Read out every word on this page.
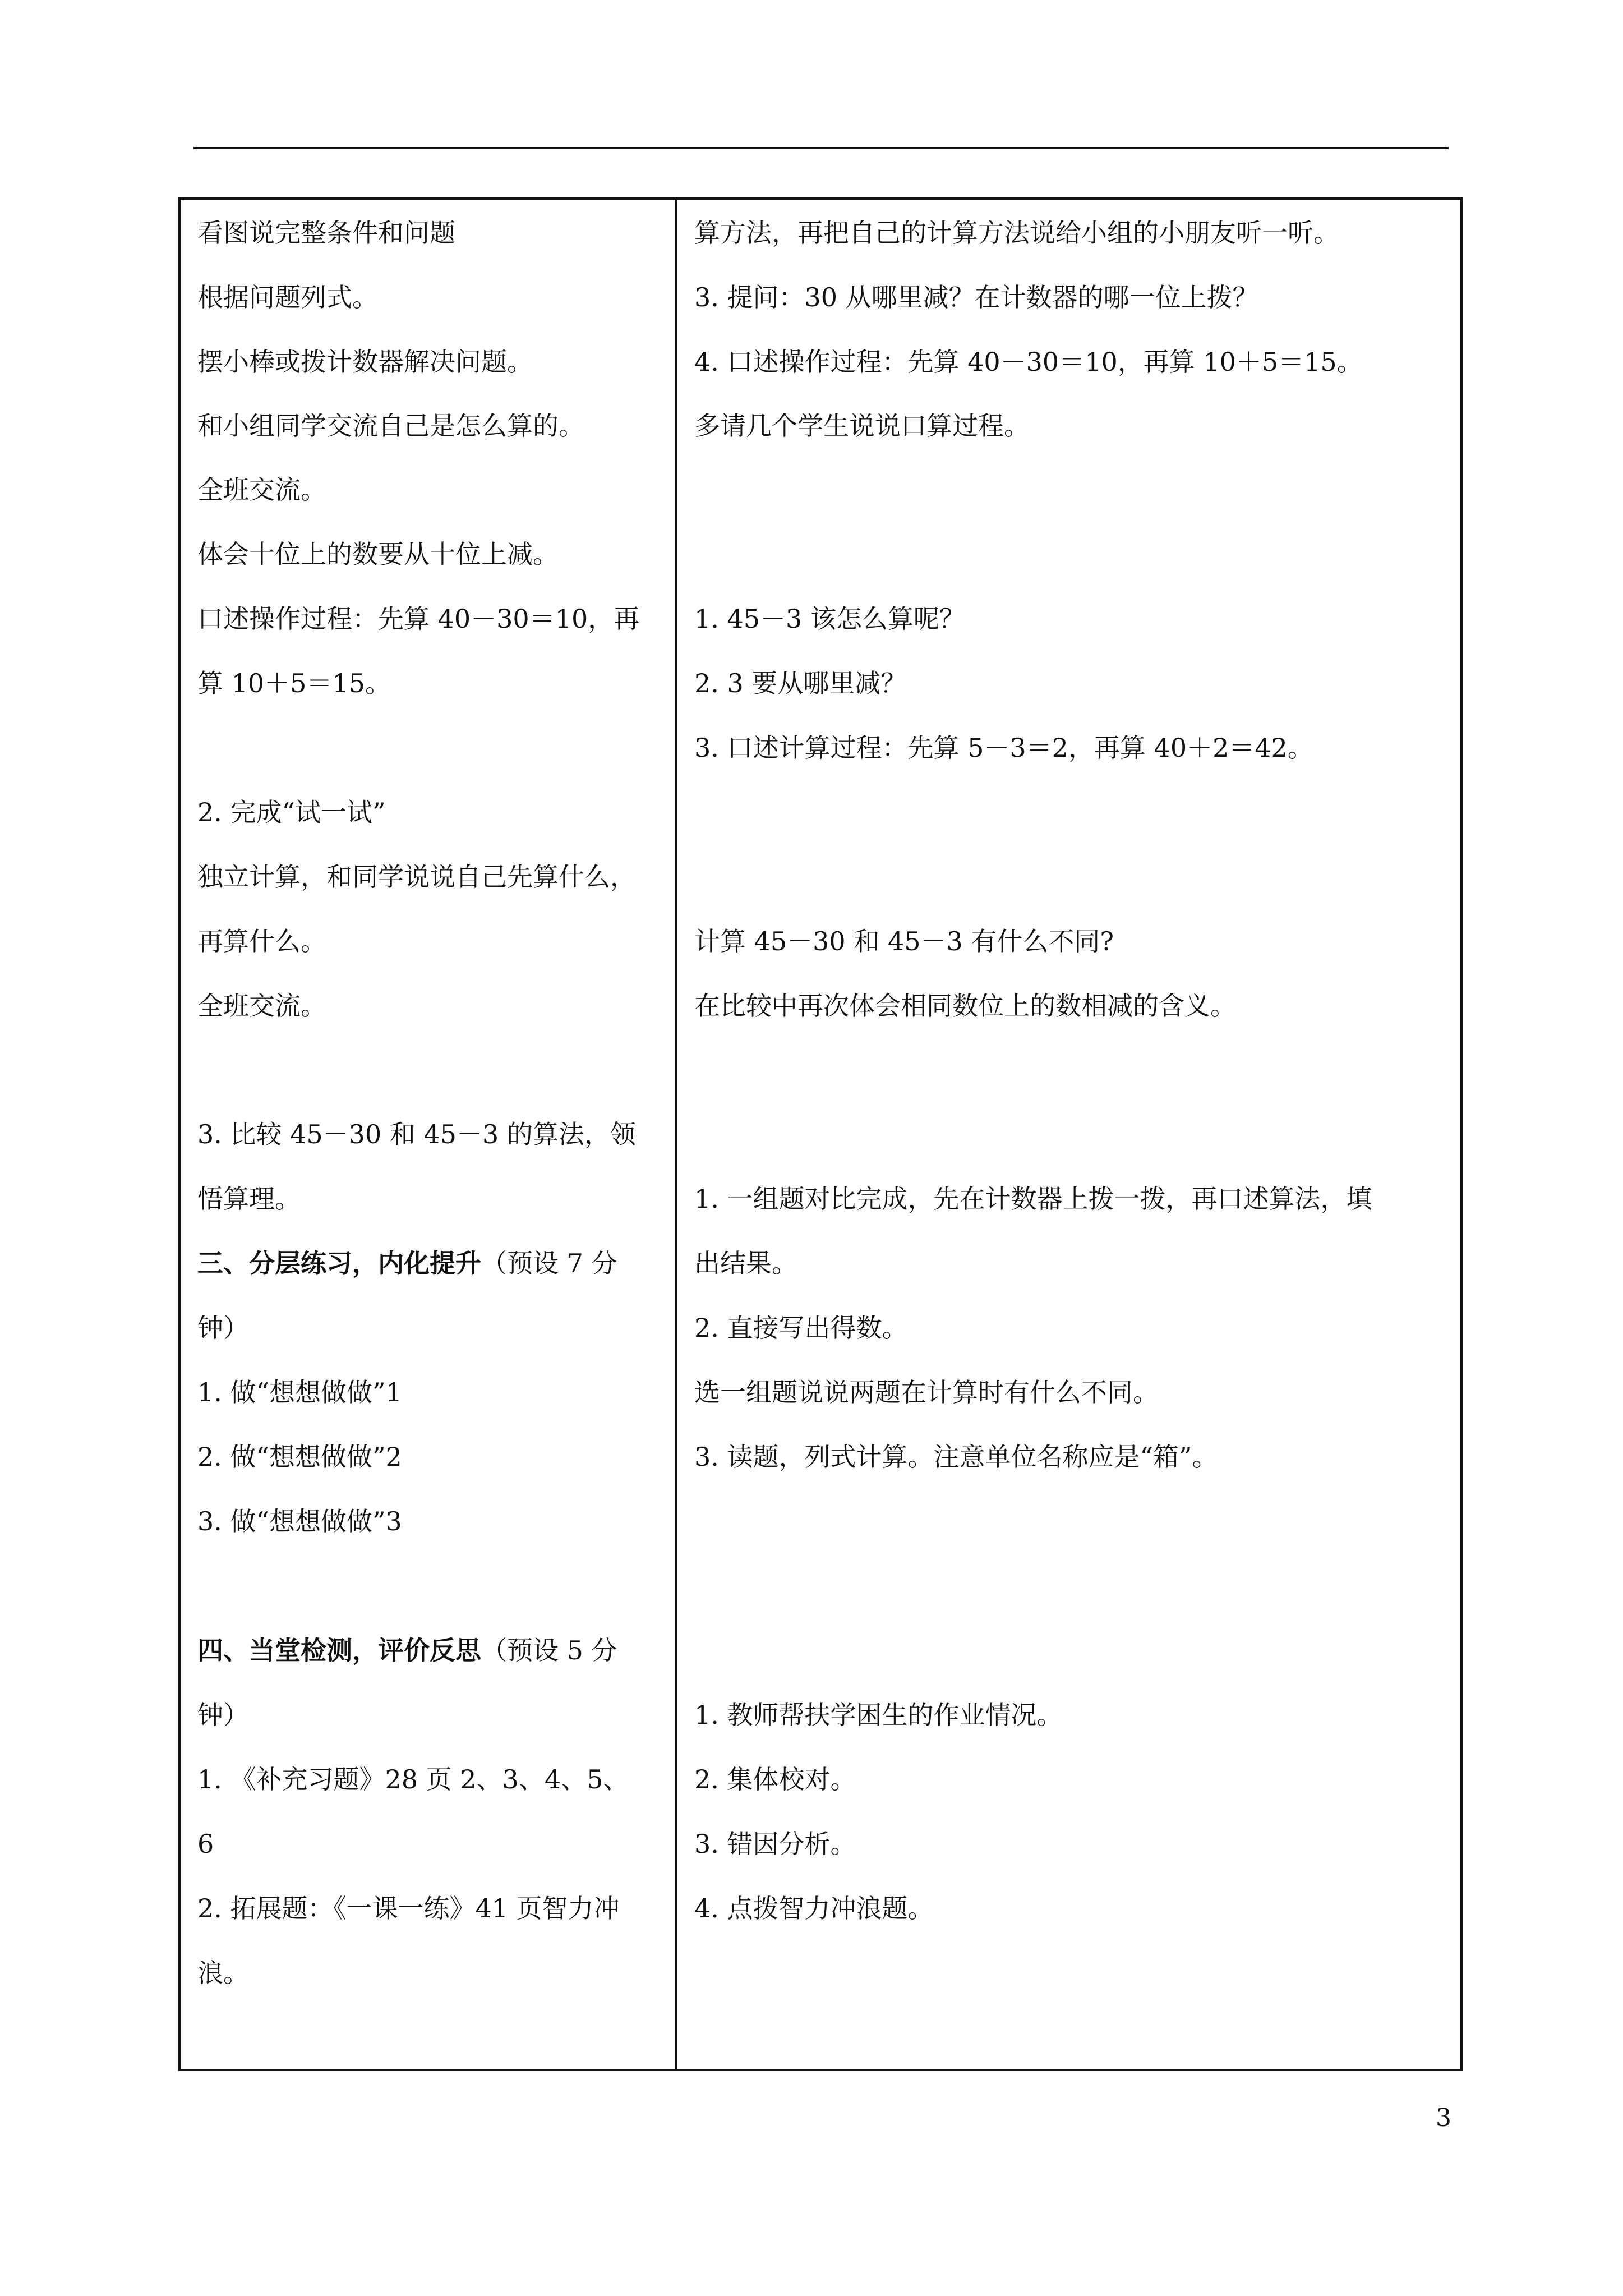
看图说完整条件和问题
根据问题列式。
摆小棒或拨计数器解决问题。
和小组同学交流自己是怎么算的。
全班交流。
体会十位上的数要从十位上减。
口述操作过程：先算 40－30＝10，再
算 10＋5＝15。
2. 完成“试一试”
独立计算，和同学说说自己先算什么，
再算什么。
全班交流。
3. 比较 45－30 和 45－3 的算法，领
悟算理。
三、分层练习，内化提升（预设 7 分
钟）
1. 做“想想做做”1
2. 做“想想做做”2
3. 做“想想做做”3
四、当堂检测，评价反思（预设 5 分
钟）
1. 《补充习题》28 页 2、3、4、5、
6
2. 拓展题：《一课一练》41 页智力冲
浪。
算方法，再把自己的计算方法说给小组的小朋友听一听。
3. 提问：30 从哪里减？在计数器的哪一位上拨？
4. 口述操作过程：先算 40－30＝10，再算 10＋5＝15。
多请几个学生说说口算过程。
1. 45－3 该怎么算呢？
2. 3 要从哪里减？
3. 口述计算过程：先算 5－3＝2，再算 40＋2＝42。
计算 45－30 和 45－3 有什么不同?
在比较中再次体会相同数位上的数相减的含义。
1. 一组题对比完成，先在计数器上拨一拨，再口述算法，填
出结果。
2. 直接写出得数。
选一组题说说两题在计算时有什么不同。
3. 读题，列式计算。注意单位名称应是“箱”。
1. 教师帮扶学困生的作业情况。
2. 集体校对。
3. 错因分析。
4. 点拨智力冲浪题。
3
